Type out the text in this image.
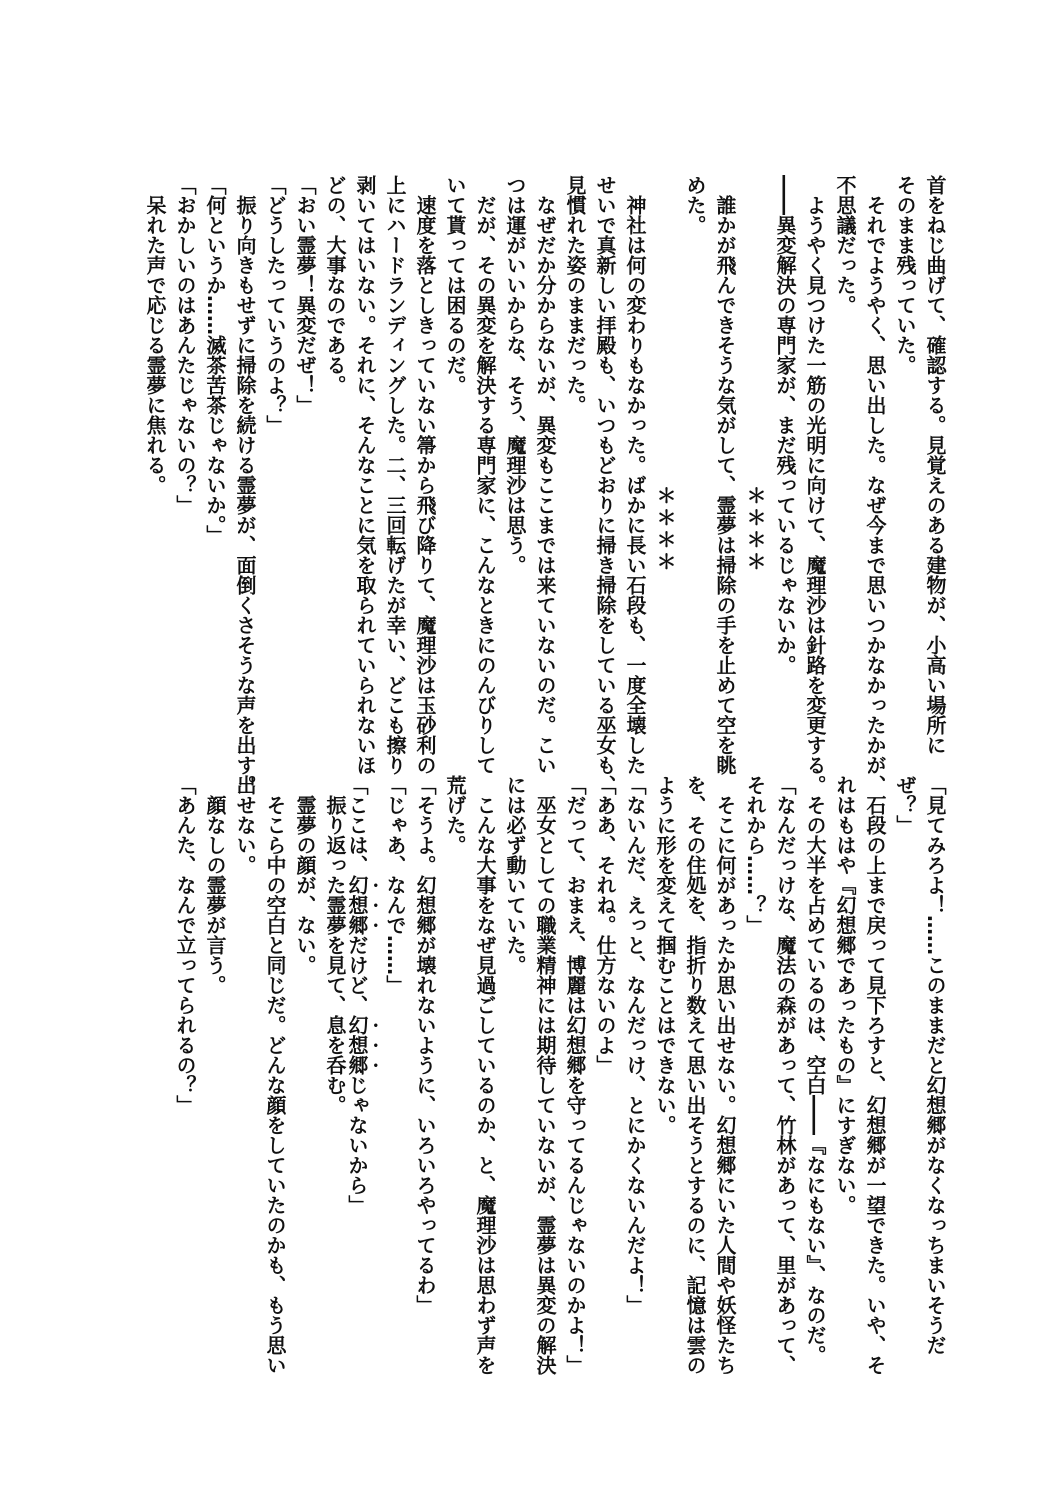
首をねじ曲げて、確認する。見覚えのある建物が、小高い場所に
そのまま残っていた。
　それでようやく、思い出した。なぜ今まで思いつかなかったかが、
不思議だった。
　ようやく見つけた一筋の光明に向けて、魔理沙は針路を変更する。
――異変解決の専門家が、まだ残っているじゃないか。
＊＊＊＊
　誰かが飛んできそうな気がして、霊夢は掃除の手を止めて空を眺
めた。
＊＊＊＊
　神社は何の変わりもなかった。ばかに長い石段も、一度全壊した
せいで真新しい拝殿も、いつもどおりに掃き掃除をしている巫女も、
見慣れた姿のままだった。
　なぜだか分からないが、異変もここまでは来ていないのだ。こい
つは運がいいからな、そう、魔理沙は思う。
　だが、その異変を解決する専門家に、こんなときにのんびりして
いて貰っては困るのだ。
　速度を落としきっていない箒から飛び降りて、魔理沙は玉砂利の
上にハードランディングした。二、三回転げたが幸い、どこも擦り
剥いてはいない。それに、そんなことに気を取られていられないほ
どの、大事なのである。
「おい霊夢！異変だぜ！」
「どうしたっていうのよ？」
　振り向きもせずに掃除を続ける霊夢が、面倒くさそうな声を出す。
「何というか……滅茶苦茶じゃないか。」
「おかしいのはあんたじゃないの？」
　呆れた声で応じる霊夢に焦れる。
「見てみろよ！……このままだと幻想郷がなくなっちまいそうだ
ぜ？」
　石段の上まで戻って見下ろすと、幻想郷が一望できた。いや、そ
れはもはや『幻想郷であったもの』にすぎない。
　その大半を占めているのは、空白――『なにもない』、なのだ。
「なんだっけな、魔法の森があって、竹林があって、里があって、
それから……？」
　そこに何があったか思い出せない。幻想郷にいた人間や妖怪たち
を、その住処を、指折り数えて思い出そうとするのに、記憶は雲の
ように形を変えて掴むことはできない。
「ないんだ、えっと、なんだっけ、とにかくないんだよ！」
「ああ、それね。仕方ないのよ」
「だって、おまえ、博麗は幻想郷を守ってるんじゃないのかよ！」
　巫女としての職業精神には期待していないが、霊夢は異変の解決
には必ず動いていた。
　こんな大事をなぜ見過ごしているのか、と、魔理沙は思わず声を
荒げた。
「そうよ。幻想郷が壊れないように、いろいろやってるわ」
「じゃあ、なんで……」
「ここは、幻想郷だけど、幻想郷じゃないから」
　振り返った霊夢を見て、息を呑む。
　霊夢の顔が、ない。
　そこら中の空白と同じだ。どんな顔をしていたのかも、もう思い
出せない。
　顔なしの霊夢が言う。
「あんた、なんで立ってられるの？」
